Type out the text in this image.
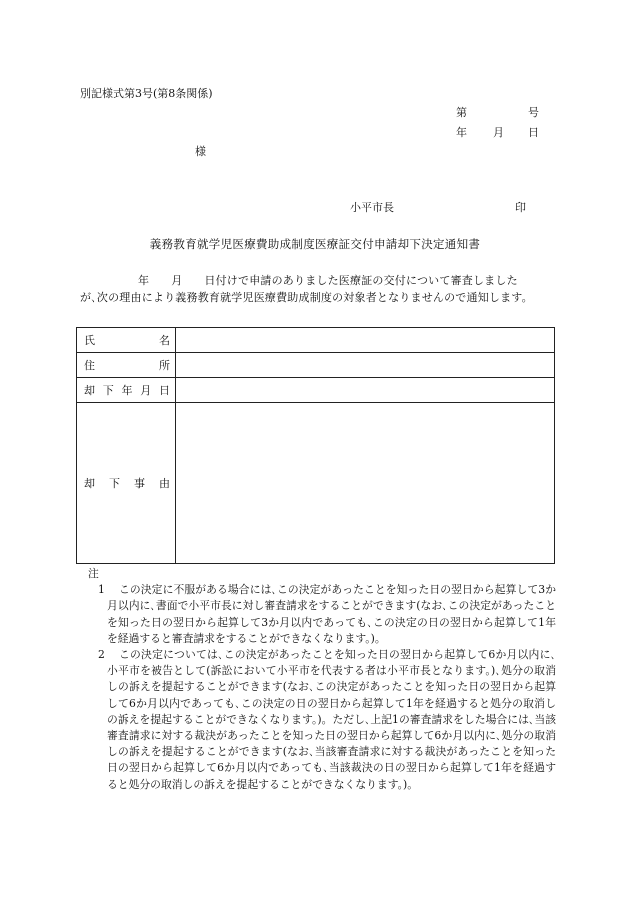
別記様式第3号(第8条関係)
第	号
年 月 日
様
小平市長	印
義務教育就学児医療費助成制度医療証交付申請却下決定通知書
年 月 日付けで申請のありました医療証の交付について審査しました
が､次の理由により義務教育就学児医療費助成制度の対象者となりませんので通知します。
氏 名	

住 所	

却 下 年 月 日	

却 下 事 由	

注
1	この決定に不服がある場合には､この決定があったことを知った日の翌日から起算して3か月以内に､書面で小平市長に対し審査請求をすることができます(なお､この決定があったことを知った日の翌日から起算して3か月以内であっても､この決定の日の翌日から起算して1年を経過すると審査請求をすることができなくなります。)。
2	この決定については､この決定があったことを知った日の翌日から起算して6か月以内に､小平市を被告として(訴訟において小平市を代表する者は小平市長となります。)､処分の取消しの訴えを提起することができます(なお､この決定があったことを知った日の翌日から起算して6か月以内であっても､この決定の日の翌日から起算して1年を経過すると処分の取消しの訴えを提起することができなくなります。)。ただし､上記1の審査請求をした場合には､当該審査請求に対する裁決があったことを知った日の翌日から起算して6か月以内に､処分の取消しの訴えを提起することができます(なお､当該審査請求に対する裁決があったことを知った日の翌日から起算して6か月以内であっても､当該裁決の日の翌日から起算して1年を経過すると処分の取消しの訴えを提起することができなくなります。)。
